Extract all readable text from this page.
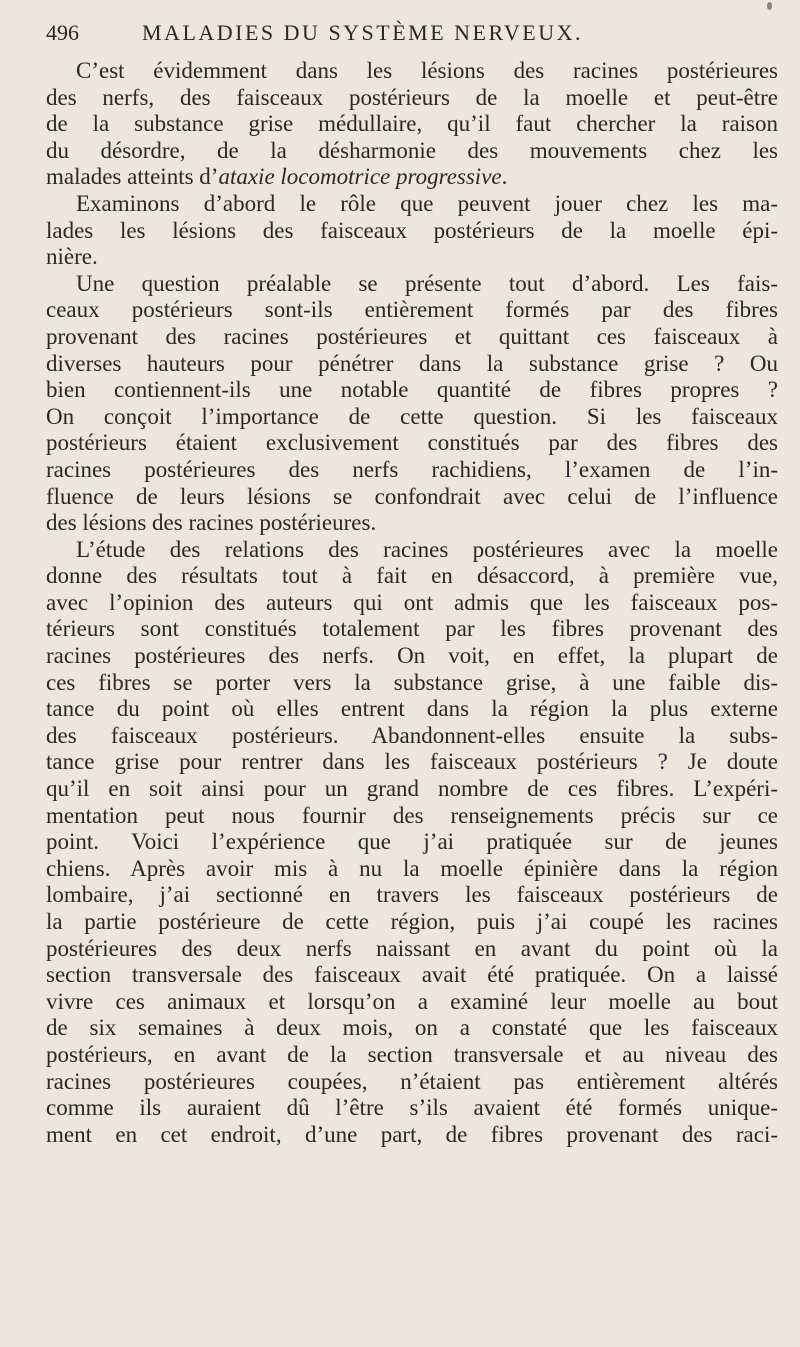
496	MALADIES DU SYSTÈME NERVEUX.
C’est évidemment dans les lésions des racines postérieures
des nerfs, des faisceaux postérieurs de la moelle et peut-être
de la substance grise médullaire, qu’il faut chercher la raison
du désordre, de la désharmonie des mouvements chez les
malades atteints d’ataxie locomotrice progressive.
Examinons d’abord le rôle que peuvent jouer chez les ma-
lades les lésions des faisceaux postérieurs de la moelle épi-
nière.
Une question préalable se présente tout d’abord. Les fais-
ceaux postérieurs sont-ils entièrement formés par des fibres
provenant des racines postérieures et quittant ces faisceaux à
diverses hauteurs pour pénétrer dans la substance grise ? Ou
bien contiennent-ils une notable quantité de fibres propres ?
On conçoit l’importance de cette question. Si les faisceaux
postérieurs étaient exclusivement constitués par des fibres des
racines postérieures des nerfs rachidiens, l’examen de l’in-
fluence de leurs lésions se confondrait avec celui de l’influence
des lésions des racines postérieures.
L’étude des relations des racines postérieures avec la moelle
donne des résultats tout à fait en désaccord, à première vue,
avec l’opinion des auteurs qui ont admis que les faisceaux pos-
térieurs sont constitués totalement par les fibres provenant des
racines postérieures des nerfs. On voit, en effet, la plupart de
ces fibres se porter vers la substance grise, à une faible dis-
tance du point où elles entrent dans la région la plus externe
des faisceaux postérieurs. Abandonnent-elles ensuite la subs-
tance grise pour rentrer dans les faisceaux postérieurs ? Je doute
qu’il en soit ainsi pour un grand nombre de ces fibres. L’expéri-
mentation peut nous fournir des renseignements précis sur ce
point. Voici l’expérience que j’ai pratiquée sur de jeunes
chiens. Après avoir mis à nu la moelle épinière dans la région
lombaire, j’ai sectionné en travers les faisceaux postérieurs de
la partie postérieure de cette région, puis j’ai coupé les racines
postérieures des deux nerfs naissant en avant du point où la
section transversale des faisceaux avait été pratiquée. On a laissé
vivre ces animaux et lorsqu’on a examiné leur moelle au bout
de six semaines à deux mois, on a constaté que les faisceaux
postérieurs, en avant de la section transversale et au niveau des
racines postérieures coupées, n’étaient pas entièrement altérés
comme ils auraient dû l’être s’ils avaient été formés unique-
ment en cet endroit, d’une part, de fibres provenant des raci-
